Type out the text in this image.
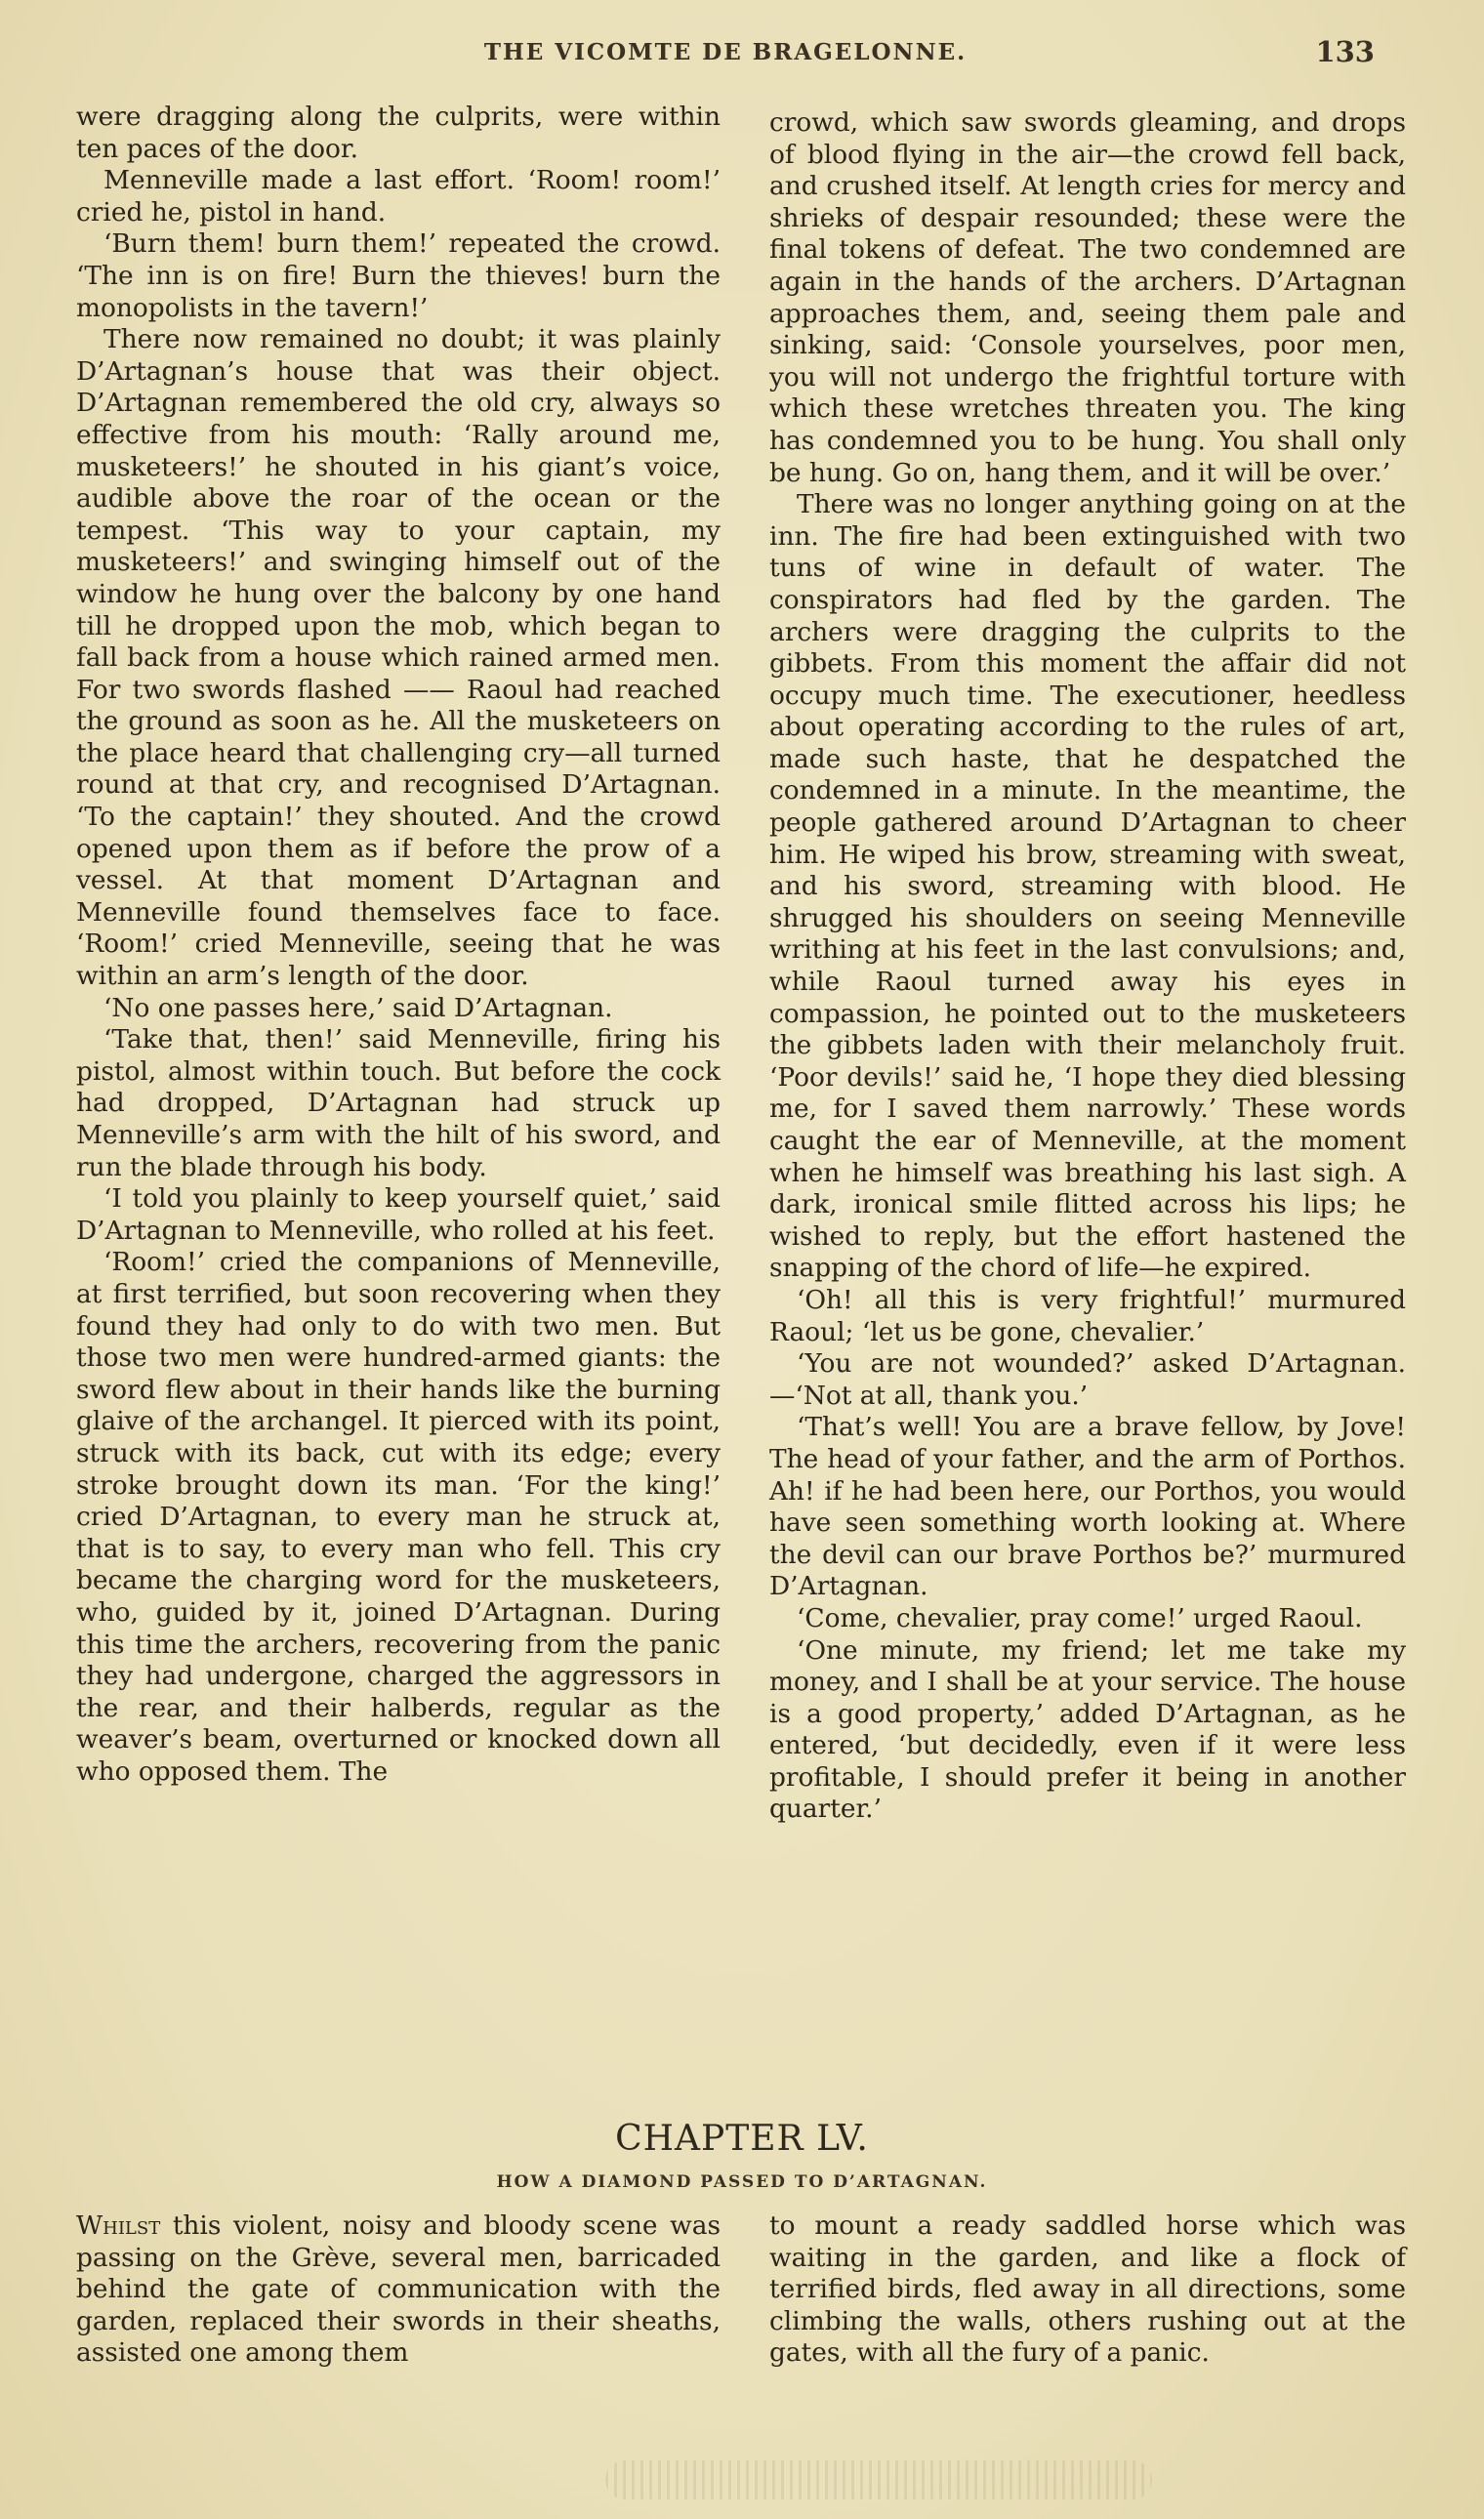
THE VICOMTE DE BRAGELONNE.	133

were dragging along the culprits, were within ten paces of the door.

Menneville made a last effort. ‘Room! room!’ cried he, pistol in hand.

‘Burn them! burn them!’ repeated the crowd. ‘The inn is on fire! Burn the thieves! burn the monopolists in the tavern!’

There now remained no doubt; it was plainly D’Artagnan’s house that was their object. D’Artagnan remembered the old cry, always so effective from his mouth: ‘Rally around me, musketeers!’ he shouted in his giant’s voice, audible above the roar of the ocean or the tempest. ‘This way to your captain, my musketeers!’ and swinging himself out of the window he hung over the balcony by one hand till he dropped upon the mob, which began to fall back from a house which rained armed men. For two swords flashed —— Raoul had reached the ground as soon as he. All the musketeers on the place heard that challenging cry—all turned round at that cry, and recognised D’Artagnan. ‘To the captain!’ they shouted. And the crowd opened upon them as if before the prow of a vessel. At that moment D’Artagnan and Menneville found themselves face to face. ‘Room!’ cried Menneville, seeing that he was within an arm’s length of the door.

‘No one passes here,’ said D’Artagnan.

‘Take that, then!’ said Menneville, firing his pistol, almost within touch. But before the cock had dropped, D’Artagnan had struck up Menneville’s arm with the hilt of his sword, and run the blade through his body.

‘I told you plainly to keep yourself quiet,’ said D’Artagnan to Menneville, who rolled at his feet.

‘Room!’ cried the companions of Menneville, at first terrified, but soon recovering when they found they had only to do with two men. But those two men were hundred-armed giants: the sword flew about in their hands like the burning glaive of the archangel. It pierced with its point, struck with its back, cut with its edge; every stroke brought down its man. ‘For the king!’ cried D’Artagnan, to every man he struck at, that is to say, to every man who fell. This cry became the charging word for the musketeers, who, guided by it, joined D’Artagnan. During this time the archers, recovering from the panic they had undergone, charged the aggressors in the rear, and their halberds, regular as the weaver’s beam, overturned or knocked down all who opposed them. The

crowd, which saw swords gleaming, and drops of blood flying in the air—the crowd fell back, and crushed itself. At length cries for mercy and shrieks of despair resounded; these were the final tokens of defeat. The two condemned are again in the hands of the archers. D’Artagnan approaches them, and, seeing them pale and sinking, said: ‘Console yourselves, poor men, you will not undergo the frightful torture with which these wretches threaten you. The king has condemned you to be hung. You shall only be hung. Go on, hang them, and it will be over.’

There was no longer anything going on at the inn. The fire had been extinguished with two tuns of wine in default of water. The conspirators had fled by the garden. The archers were dragging the culprits to the gibbets. From this moment the affair did not occupy much time. The executioner, heedless about operating according to the rules of art, made such haste, that he despatched the condemned in a minute. In the meantime, the people gathered around D’Artagnan to cheer him. He wiped his brow, streaming with sweat, and his sword, streaming with blood. He shrugged his shoulders on seeing Menneville writhing at his feet in the last convulsions; and, while Raoul turned away his eyes in compassion, he pointed out to the musketeers the gibbets laden with their melancholy fruit. ‘Poor devils!’ said he, ‘I hope they died blessing me, for I saved them narrowly.’ These words caught the ear of Menneville, at the moment when he himself was breathing his last sigh. A dark, ironical smile flitted across his lips; he wished to reply, but the effort hastened the snapping of the chord of life—he expired.

‘Oh! all this is very frightful!’ murmured Raoul; ‘let us be gone, chevalier.’

‘You are not wounded?’ asked D’Artagnan.—‘Not at all, thank you.’

‘That’s well! You are a brave fellow, by Jove! The head of your father, and the arm of Porthos. Ah! if he had been here, our Porthos, you would have seen something worth looking at. Where the devil can our brave Porthos be?’ murmured D’Artagnan.

‘Come, chevalier, pray come!’ urged Raoul.

‘One minute, my friend; let me take my money, and I shall be at your service. The house is a good property,’ added D’Artagnan, as he entered, ‘but decidedly, even if it were less profitable, I should prefer it being in another quarter.’

CHAPTER LV.
HOW A DIAMOND PASSED TO D’ARTAGNAN.

Whilst this violent, noisy and bloody scene was passing on the Grève, several men, barricaded behind the gate of communication with the garden, replaced their swords in their sheaths, assisted one among them

to mount a ready saddled horse which was waiting in the garden, and like a flock of terrified birds, fled away in all directions, some climbing the walls, others rushing out at the gates, with all the fury of a panic.
